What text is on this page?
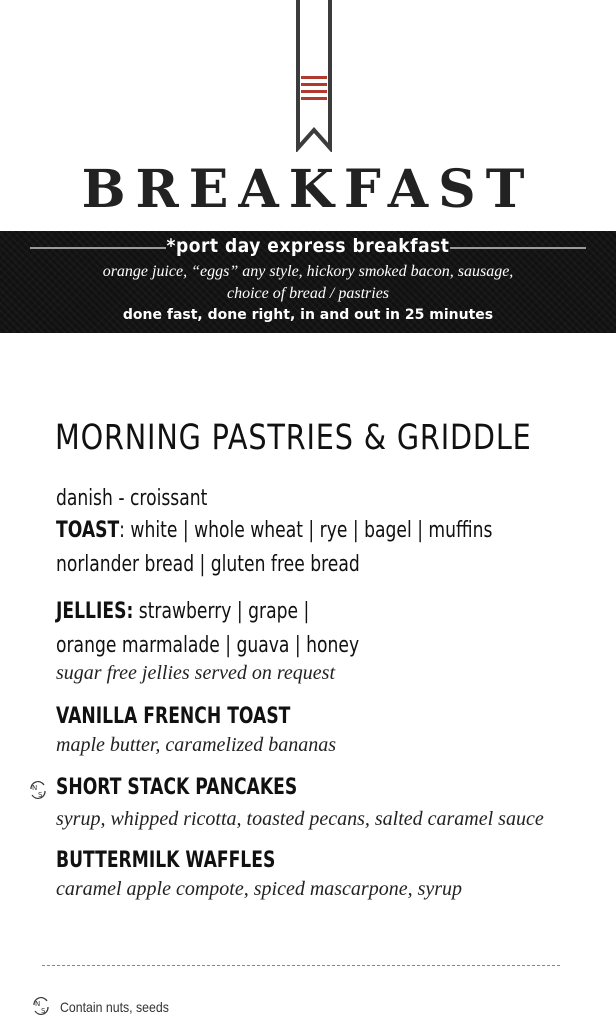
BREAKFAST
*port day express breakfast
orange juice, “eggs” any style, hickory smoked bacon, sausage,
choice of bread / pastries
done fast, done right, in and out in 25 minutes
MORNING PASTRIES & GRIDDLE
danish - croissant
TOAST: white | whole wheat | rye | bagel | muffins
norlander bread | gluten free bread
JELLIES: strawberry | grape |
orange marmalade | guava | honey
sugar free jellies served on request
VANILLA FRENCH TOAST
maple butter, caramelized bananas
N
S SHORT STACK PANCAKES
syrup, whipped ricotta, toasted pecans, salted caramel sauce
BUTTERMILK WAFFLES
caramel apple compote, spiced mascarpone, syrup
N
S Contain nuts, seeds
